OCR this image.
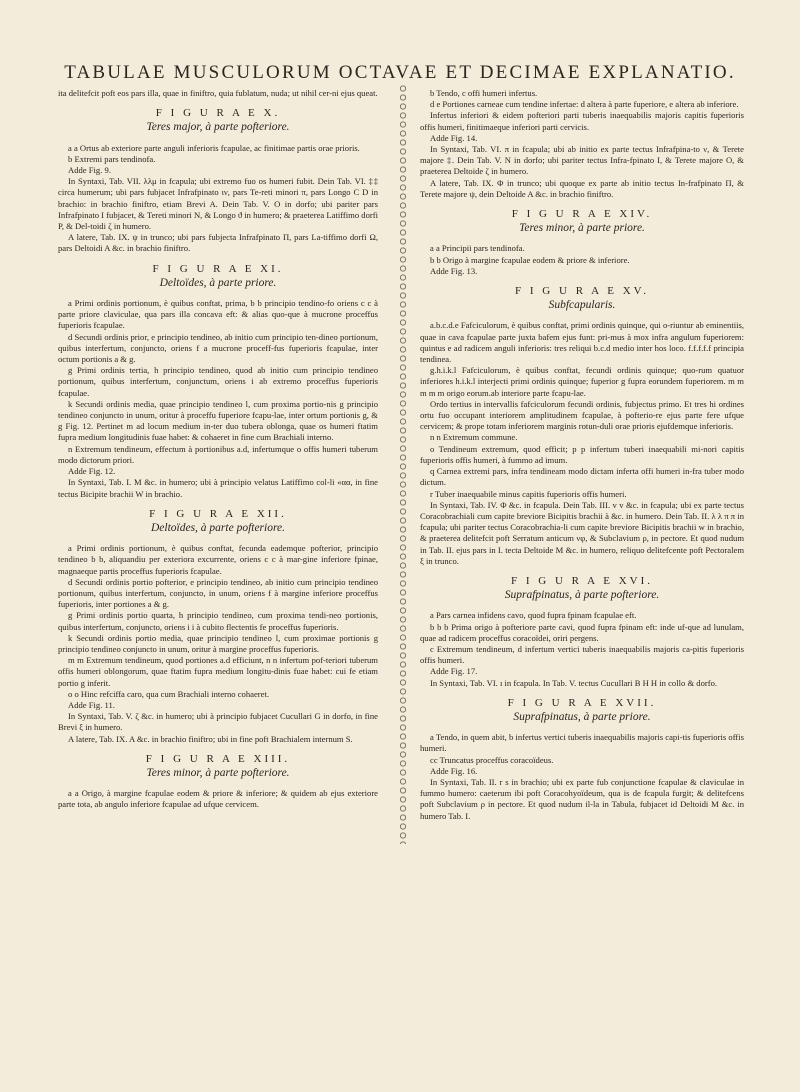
TABULAE MUSCULORUM OCTAVAE ET DECIMAE EXPLANATIO.

ita delitefcit poft eos pars illa, quae in finiftro, quia fublatum, nuda; ut nihil cer-ni ejus queat.

F I G U R A E X.
Teres major, à parte pofteriore.

a a Ortus ab exteriore parte anguli inferioris fcapulae, ac finitimae partis orae prioris.

b Extremi pars tendinofa.

Adde Fig. 9.

In Syntaxi, Tab. VII. λλμ in fcapula; ubi extremo fuo os humeri fubit. Dein Tab. VI. ‡‡ circa humerum; ubi pars fubjacet Infrafpinato ιν, pars Te-reti minori π, pars Longo C D in brachio: in brachio finiftro, etiam Brevi A. Dein Tab. V. O in dorfo; ubi pariter pars Infrafpinato I fubjacet, & Tereti minori N, & Longo ϑ in humero; & praeterea Latiffimo dorfi P, & Del-toidi ζ in humero.

A latere, Tab. IX. ψ in trunco; ubi pars fubjecta Infrafpinato Π, pars La-tiffimo dorfi Ω, pars Deltoidi A &c. in brachio finiftro.

F I G U R A E XI.
Deltoïdes, à parte priore.

a Primi ordinis portionum, è quibus conftat, prima, b b principio tendino-fo oriens c c à parte priore claviculae, qua pars illa concava eft: & alias quo-que à mucrone proceffus fuperioris fcapulae.

d Secundi ordinis prior, e principio tendineo, ab initio cum principio ten-dineo portionum, quibus interfertum, conjuncto, oriens f a mucrone proceff-fus fuperioris fcapulae, inter octum portionis a & g.

g Primi ordinis tertia, h principio tendineo, quod ab initio cum principio tendineo portionum, quibus interfertum, conjunctum, oriens i ab extremo proceffus fuperioris fcapulae.

k Secundi ordinis media, quae principio tendineo l, cum proxima portio-nis g principio tendineo conjuncto in unum, oritur à proceffu fuperiore fcapu-lae, inter ortum portionis g, & g Fig. 12. Pertinet m ad locum medium in-ter duo tubera oblonga, quae os humeri ftatim fupra medium longitudinis fuae habet: & cohaeret in fine cum Brachiali interno.

n Extremum tendineum, effectum à portionibus a.d, infertumque o offis humeri tuberum modo dictorum priori.

Adde Fig. 12.

In Syntaxi, Tab. I. M &c. in humero; ubi à principio velatus Latiffimo col-li «αα, in fine tectus Bicipite brachii W in brachio.

F I G U R A E XII.
Deltoïdes, à parte pofteriore.

a Primi ordinis portionum, è quibus conftat, fecunda eademque pofterior, principio tendineo b b, aliquandiu per exteriora excurrente, oriens c c à mar-gine inferiore fpinae, magnaeque partis proceffus fuperioris fcapulae.

d Secundi ordinis portio pofterior, e principio tendineo, ab initio cum principio tendineo portionum, quibus interfertum, conjuncto, in unum, oriens f à margine inferiore proceffus fuperioris, inter portiones a & g.

g Primi ordinis portio quarta, h principio tendineo, cum proxima tendi-neo portionis, quibus interfertum, conjuncto, oriens i i à cubito flectentis fe proceffus fuperioris.

k Secundi ordinis portio media, quae principio tendineo l, cum proximae portionis g principio tendineo conjuncto in unum, oritur à margine proceffus fuperioris.

m m Extremum tendineum, quod portiones a.d efficiunt, n n infertum pof-teriori tuberum offis humeri oblongorum, quae ftatim fupra medium longitu-dinis fuae habet: cui fe etiam portio g inferit.

o o Hinc refciffa caro, qua cum Brachiali interno cohaeret.

Adde Fig. 11.

In Syntaxi, Tab. V. ζ &c. in humero; ubi à principio fubjacet Cucullari G in dorfo, in fine Brevi ξ in humero.

A latere, Tab. IX. A &c. in brachio finiftro; ubi in fine poft Brachialem internum S.

F I G U R A E XIII.
Teres minor, à parte pofteriore.

a a Origo, à margine fcapulae eodem & priore & inferiore; & quidem ab ejus exteriore parte tota, ab angulo inferiore fcapulae ad ufque cervicem.

b Tendo, c offi humeri infertus.

d e Portiones carneae cum tendine infertae: d altera à parte fuperiore, e altera ab inferiore.

Infertus inferiori & eidem pofteriori parti tuberis inaequabilis majoris capitis fuperioris offis humeri, finitimaeque inferiori parti cervicis.

Adde Fig. 14.

In Syntaxi, Tab. VI. π in fcapula; ubi ab initio ex parte tectus Infrafpina-to ν, & Terete majore ‡. Dein Tab. V. N in dorfo; ubi pariter tectus Infra-fpinato I, & Terete majore O, & praeterea Deltoide ζ in humero.

A latere, Tab. IX. Φ in trunco; ubi quoque ex parte ab initio tectus In-frafpinato Π, & Terete majore ψ, dein Deltoide A &c. in brachio finiftro.

F I G U R A E XIV.
Teres minor, à parte priore.

a a Principii pars tendinofa.

b b Origo à margine fcapulae eodem & priore & inferiore.

Adde Fig. 13.

F I G U R A E XV.
Subfcapularis.

a.b.c.d.e Fafciculorum, è quibus conftat, primi ordinis quinque, qui o-riuntur ab eminentiis, quae in cava fcapulae parte juxta bafem ejus funt: pri-mus à mox infra angulum fuperiorem: quintus e ad radicem anguli inferioris: tres reliqui b.c.d medio inter hos loco. f.f.f.f.f principia tendinea.

g.h.i.k.l Fafciculorum, è quibus conftat, fecundi ordinis quinque; quo-rum quatuor inferiores h.i.k.l interjecti primi ordinis quinque; fuperior g fupra eorundem fuperiorem. m m m m m origo eorum.ab interiore parte fcapu-lae.

Ordo tertius in intervallis fafciculorum fecundi ordinis, fubjectus primo. Et tres hi ordines ortu fuo occupant interiorem amplitudinem fcapulae, à pofterio-re ejus parte fere ufque cervicem; & prope totam inferiorem marginis rotun-duli orae prioris ejufdemque inferioris.

n n Extremum commune.

o Tendineum extremum, quod efficit; p p infertum tuberi inaequabili mi-nori capitis fuperioris offis humeri, à fummo ad imum.

q Carnea extremi pars, infra tendineam modo dictam inferta offi humeri in-fra tuber modo dictum.

r Tuber inaequabile minus capitis fuperioris offis humeri.

In Syntaxi, Tab. IV. Φ &c. in fcapula. Dein Tab. III. v v &c. in fcapula; ubi ex parte tectus Coracobrachiali cum capite breviore Bicipitis brachii à &c. in humero. Dein Tab. II. λ λ π π in fcapula; ubi pariter tectus Coracobrachia-li cum capite breviore Bicipitis brachii w in brachio, & praeterea delitefcit poft Serratum anticum νφ, & Subclavium ρ, in pectore. Et quod nudum in Tab. II. ejus pars in I. tecta Deltoide M &c. in humero, reliquo delitefcente poft Pectoralem ξ in trunco.

F I G U R A E XVI.
Suprafpinatus, à parte pofteriore.

a Pars carnea infidens cavo, quod fupra fpinam fcapulae eft.

b b b Prima origo à pofteriore parte cavi, quod fupra fpinam eft: inde uf-que ad lunulam, quae ad radicem proceffus coracoïdei, oriri pergens.

c Extremum tendineum, d infertum vertici tuberis inaequabilis majoris ca-pitis fuperioris offis humeri.

Adde Fig. 17.

In Syntaxi, Tab. VI. ı in fcapula. In Tab. V. tectus Cucullari B H H in collo & dorfo.

F I G U R A E XVII.
Suprafpinatus, à parte priore.

a Tendo, in quem abit, b infertus vertici tuberis inaequabilis majoris capi-tis fuperioris offis humeri.

cc Truncatus proceffus coracoïdeus.

Adde Fig. 16.

In Syntaxi, Tab. II. r s in brachio; ubi ex parte fub conjunctione fcapulae & claviculae in fummo humero: caeterum ibi poft Coracohyoïdeum, qua is de fcapula furgit; & delitefcens poft Subclavium ρ in pectore. Et quod nudum il-la in Tabula, fubjacet id Deltoidi M &c. in humero Tab. I.
